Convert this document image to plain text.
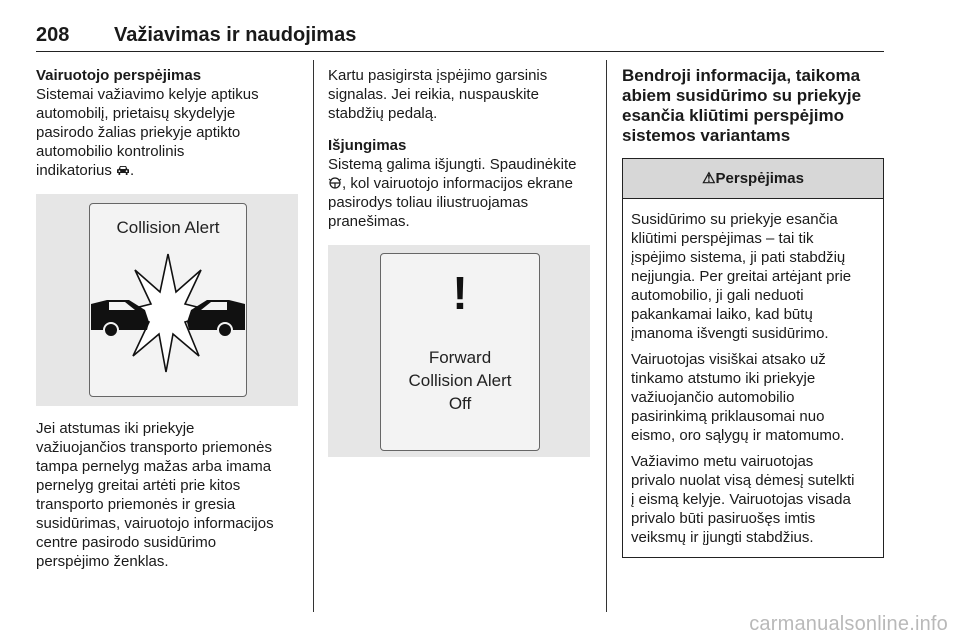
208 Važiavimas ir naudojimas
Vairuotojo perspėjimas

Sistemai važiavimo kelyje aptikus
automobilį, prietaisų skydelyje
pasirodo žalias priekyje aptikto
automobilio kontrolinis
indikatorius .

Collision Alert

Jei atstumas iki priekyje
važiuojančios transporto priemonės
tampa pernelyg mažas arba imama
pernelyg greitai artėti prie kitos
transporto priemonės ir gresia
susidūrimas, vairuotojo informacijos
centre pasirodo susidūrimo
perspėjimo ženklas.

Kartu pasigirsta įspėjimo garsinis
signalas. Jei reikia, nuspauskite
stabdžių pedalą.

Išjungimas

Sistemą galima išjungti. Spaudinėkite
, kol vairuotojo informacijos ekrane
pasirodys toliau iliustruojamas
pranešimas.

!
Forward
Collision Alert
Off
Bendroji informacija, taikoma
abiem susidūrimo su priekyje
esančia kliūtimi perspėjimo
sistemos variantams
⚠Perspėjimas

Susidūrimo su priekyje esančia
kliūtimi perspėjimas – tai tik
įspėjimo sistema, ji pati stabdžių
neįjungia. Per greitai artėjant prie
automobilio, ji gali neduoti
pakankamai laiko, kad būtų
įmanoma išvengti susidūrimo.

Vairuotojas visiškai atsako už
tinkamo atstumo iki priekyje
važiuojančio automobilio
pasirinkimą priklausomai nuo
eismo, oro sąlygų ir matomumo.

Važiavimo metu vairuotojas
privalo nuolat visą dėmesį sutelkti
į eismą kelyje. Vairuotojas visada
privalo būti pasiruošęs imtis
veiksmų ir įjungti stabdžius.

carmanualsonline.info
